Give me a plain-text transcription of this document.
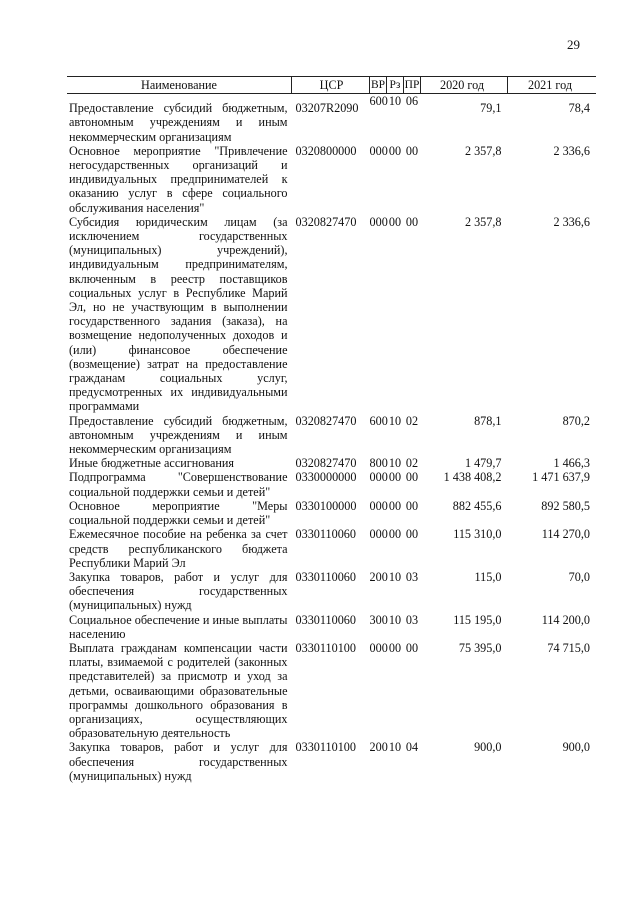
29
Наименование	ЦСР	ВР	Рз	ПР	2020 год	2021 год
Предоставление субсидий бюджетным, автономным учреждениям и иным некоммерческим организациям	03207R2090	600	10	06	79,1	78,4
Основное мероприятие "Привлечение негосударственных организаций и индивидуальных предпринимателей к оказанию услуг в сфере социального обслуживания населения"	0320800000	000	00	00	2 357,8	2 336,6
Субсидия юридическим лицам (за исключением государственных (муниципальных) учреждений), индивидуальным предпринимателям, включенным в реестр поставщиков социальных услуг в Республике Марий Эл, но не участвующим в выполнении государственного задания (заказа), на возмещение недополученных доходов и (или) финансовое обеспечение (возмещение) затрат на предоставление гражданам социальных услуг, предусмотренных их индивидуальными программами	0320827470	000	00	00	2 357,8	2 336,6
Предоставление субсидий бюджетным, автономным учреждениям и иным некоммерческим организациям	0320827470	600	10	02	878,1	870,2
Иные бюджетные ассигнования	0320827470	800	10	02	1 479,7	1 466,3
Подпрограмма "Совершенствование социальной поддержки семьи и детей"	0330000000	000	00	00	1 438 408,2	1 471 637,9
Основное мероприятие "Меры социальной поддержки семьи и детей"	0330100000	000	00	00	882 455,6	892 580,5
Ежемесячное пособие на ребенка за счет средств республиканского бюджета Республики Марий Эл	0330110060	000	00	00	115 310,0	114 270,0
Закупка товаров, работ и услуг для обеспечения государственных (муниципальных) нужд	0330110060	200	10	03	115,0	70,0
Социальное обеспечение и иные выплаты населению	0330110060	300	10	03	115 195,0	114 200,0
Выплата гражданам компенсации части платы, взимаемой с родителей (законных представителей) за присмотр и уход за детьми, осваивающими образовательные программы дошкольного образования в организациях, осуществляющих образовательную деятельность	0330110100	000	00	00	75 395,0	74 715,0
Закупка товаров, работ и услуг для обеспечения государственных (муниципальных) нужд	0330110100	200	10	04	900,0	900,0
